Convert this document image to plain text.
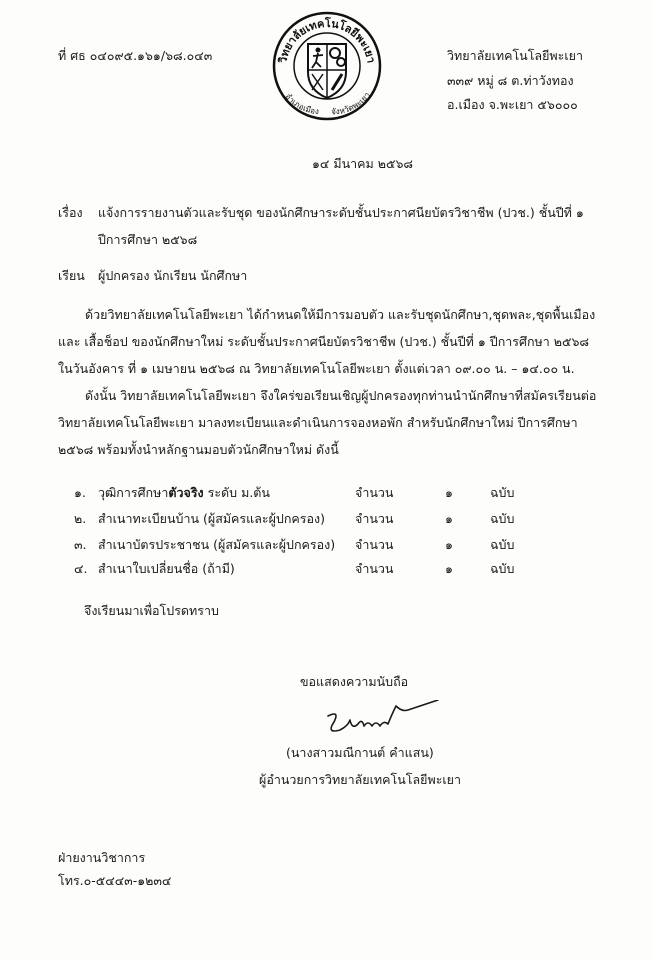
ที่ ศธ ๐๔๐๙๕.๑๖๑/๖๘.๐๔๓	วิทยาลัยเทคโนโลยีพะเยา
อำเภอเมือง จังหวัดพะเยา
วิทยาลัยเทคโนโลยีพะเยา
๓๓๙ หมู่ ๘ ต.ท่าวังทอง
อ.เมือง จ.พะเยา ๕๖๐๐๐
๑๔ มีนาคม ๒๕๖๘
เรื่อง แจ้งการรายงานตัวและรับชุด ของนักศึกษาระดับชั้นประกาศนียบัตรวิชาชีพ (ปวช.) ชั้นปีที่ ๑
ปีการศึกษา ๒๕๖๘
เรียน ผู้ปกครอง นักเรียน นักศึกษา
ด้วยวิทยาลัยเทคโนโลยีพะเยา ได้กำหนดให้มีการมอบตัว และรับชุดนักศึกษา,ชุดพละ,ชุดพื้นเมือง และ เสื้อช็อป ของนักศึกษาใหม่ ระดับชั้นประกาศนียบัตรวิชาชีพ (ปวช.) ชั้นปีที่ ๑ ปีการศึกษา ๒๕๖๘ ในวันอังคาร ที่ ๑ เมษายน ๒๕๖๘ ณ วิทยาลัยเทคโนโลยีพะเยา ตั้งแต่เวลา ๐๙.๐๐ น. – ๑๔.๐๐ น.
ดังนั้น วิทยาลัยเทคโนโลยีพะเยา จึงใคร่ขอเรียนเชิญผู้ปกครองทุกท่านนำนักศึกษาที่สมัครเรียนต่อวิทยาลัยเทคโนโลยีพะเยา มาลงทะเบียนและดำเนินการจองหอพัก สำหรับนักศึกษาใหม่ ปีการศึกษา ๒๕๖๘ พร้อมทั้งนำหลักฐานมอบตัวนักศึกษาใหม่ ดังนี้
๑. วุฒิการศึกษาตัวจริง ระดับ ม.ต้น	จำนวน	๑	ฉบับ
๒. สำเนาทะเบียนบ้าน (ผู้สมัครและผู้ปกครอง) จำนวน	๑	ฉบับ
๓. สำเนาบัตรประชาชน (ผู้สมัครและผู้ปกครอง) จำนวน	๑	ฉบับ
๔. สำเนาใบเปลี่ยนชื่อ (ถ้ามี)	จำนวน	๑	ฉบับ
จึงเรียนมาเพื่อโปรดทราบ
ขอแสดงความนับถือ
(นางสาวมณีกานต์ คำแสน)
ผู้อำนวยการวิทยาลัยเทคโนโลยีพะเยา
ฝ่ายงานวิชาการ
โทร.๐-๕๔๔๓-๑๒๓๔
